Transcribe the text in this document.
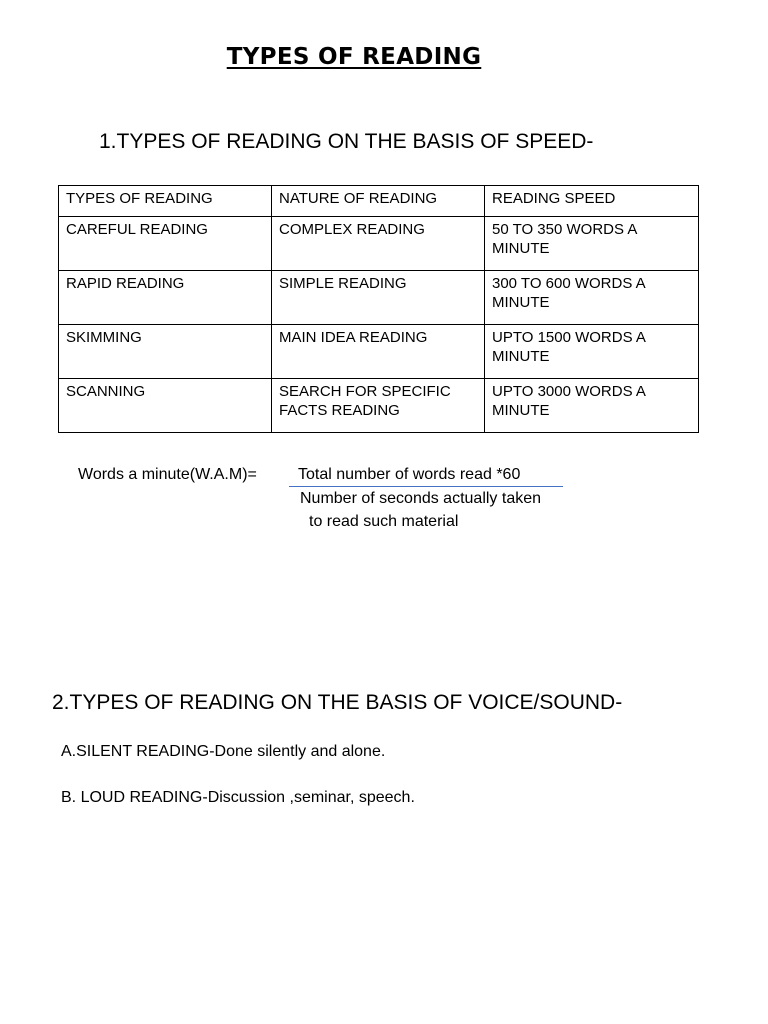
TYPES OF READING
1.TYPES OF READING ON THE BASIS OF SPEED-
TYPES OF READING	NATURE OF READING	READING SPEED
CAREFUL READING	COMPLEX READING	50 TO 350 WORDS A MINUTE
RAPID READING	SIMPLE READING	300 TO 600 WORDS A MINUTE
SKIMMING	MAIN IDEA READING	UPTO 1500 WORDS A MINUTE
SCANNING	SEARCH FOR SPECIFIC FACTS READING	UPTO 3000 WORDS A MINUTE
Words a minute(W.A.M)=	Total number of words read *60
Number of seconds actually taken
to read such material
2.TYPES OF READING ON THE BASIS OF VOICE/SOUND-
A.SILENT READING-Done silently and alone.
B. LOUD READING-Discussion ,seminar, speech.
